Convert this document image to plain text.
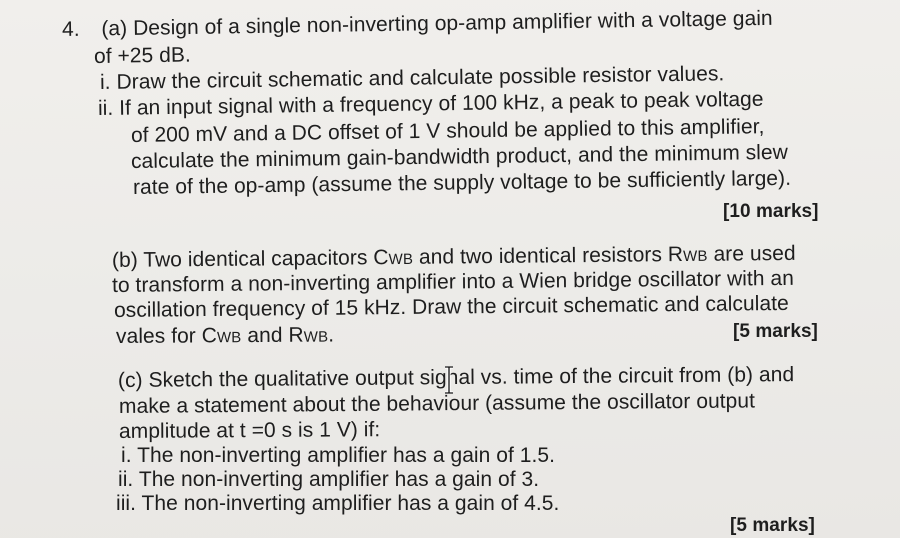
4. (a) Design of a single non-inverting op-amp amplifier with a voltage gain
of +25 dB.
i. Draw the circuit schematic and calculate possible resistor values.
ii. If an input signal with a frequency of 100 kHz, a peak to peak voltage
of 200 mV and a DC offset of 1 V should be applied to this amplifier,
calculate the minimum gain-bandwidth product, and the minimum slew
rate of the op-amp (assume the supply voltage to be sufficiently large).
[10 marks]
(b) Two identical capacitors CWB and two identical resistors RWB are used
to transform a non-inverting amplifier into a Wien bridge oscillator with an
oscillation frequency of 15 kHz. Draw the circuit schematic and calculate
vales for CWB and RWB.	[5 marks]
(c) Sketch the qualitative output signal vs. time of the circuit from (b) and
make a statement about the behaviour (assume the oscillator output
amplitude at t =0 s is 1 V) if:
i. The non-inverting amplifier has a gain of 1.5.
ii. The non-inverting amplifier has a gain of 3.
iii. The non-inverting amplifier has a gain of 4.5.
[5 marks]
